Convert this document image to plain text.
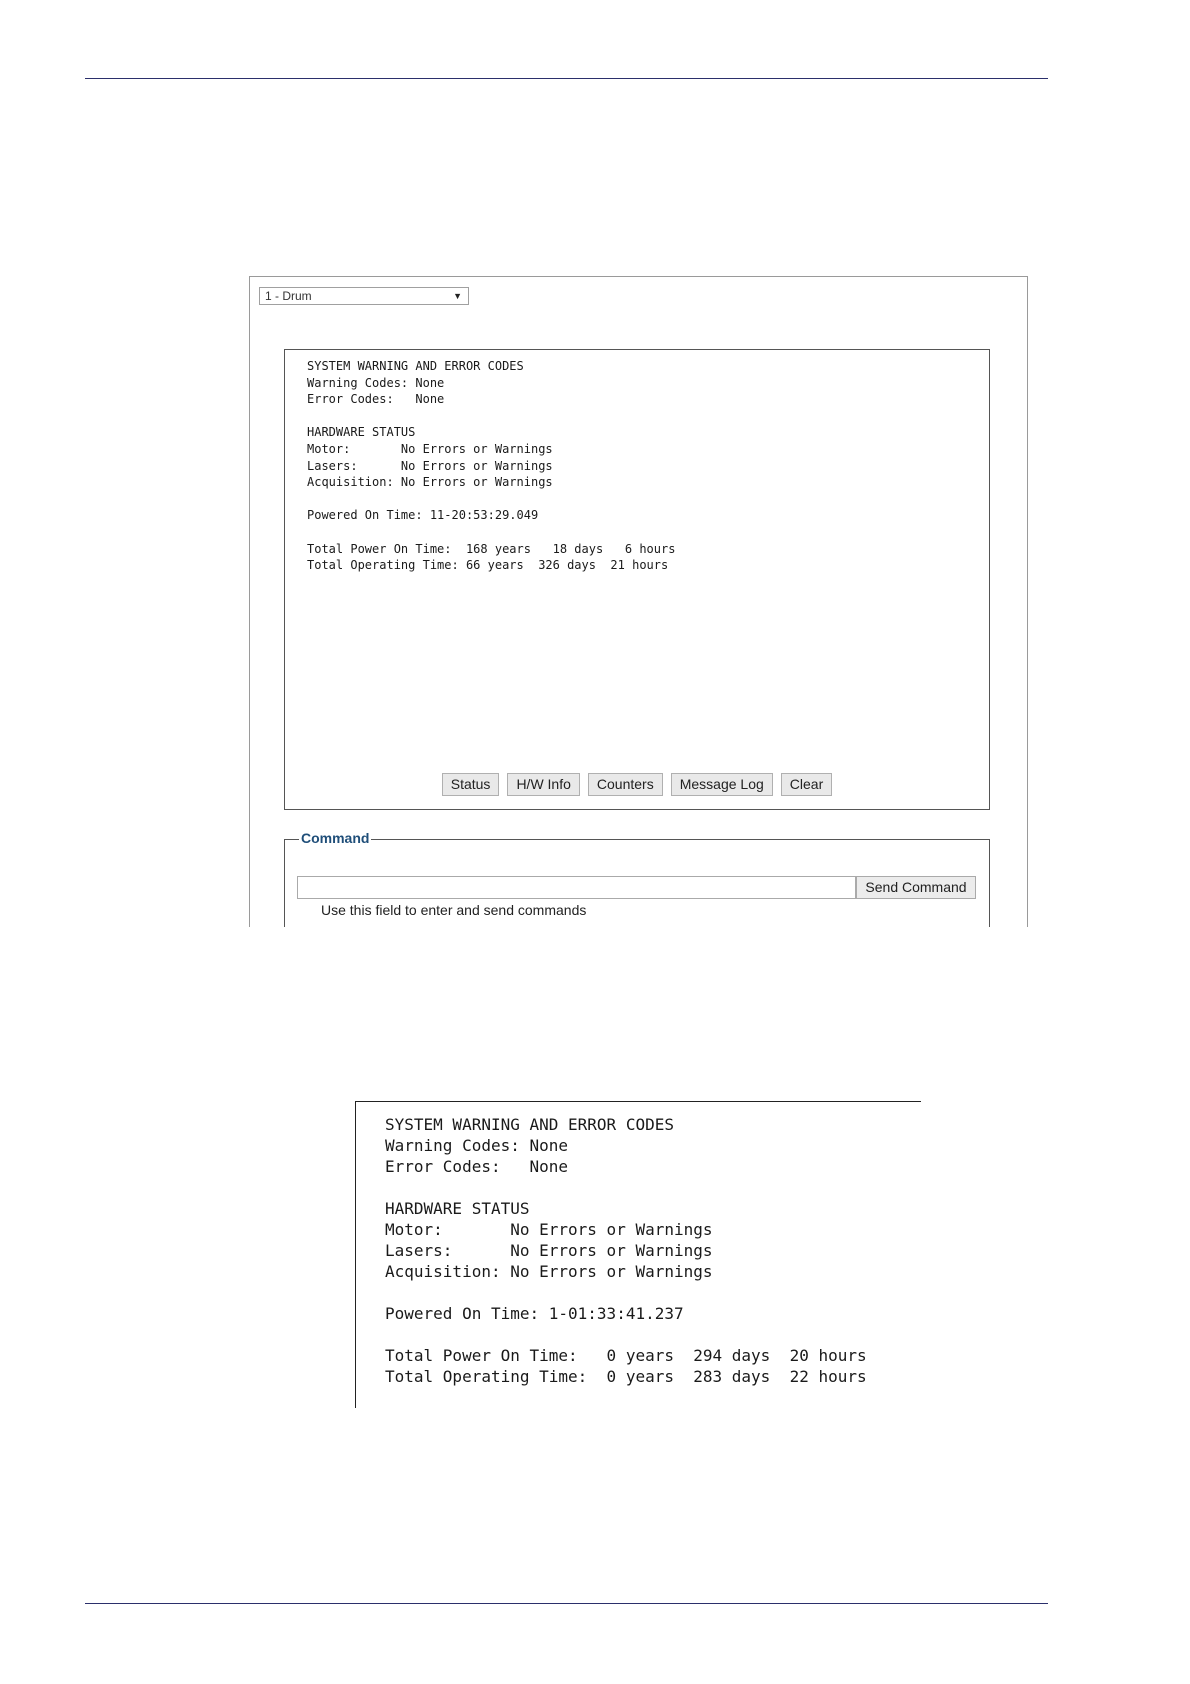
1 - Drum	▼
SYSTEM WARNING AND ERROR CODES
Warning Codes: None
Error Codes:   None

HARDWARE STATUS
Motor:       No Errors or Warnings
Lasers:      No Errors or Warnings
Acquisition: No Errors or Warnings

Powered On Time: 11-20:53:29.049

Total Power On Time:  168 years   18 days   6 hours
Total Operating Time: 66 years  326 days  21 hours
Status H/W Info Counters Message Log Clear
Command
Send Command
Use this field to enter and send commands
SYSTEM WARNING AND ERROR CODES
Warning Codes: None
Error Codes:   None

HARDWARE STATUS
Motor:       No Errors or Warnings
Lasers:      No Errors or Warnings
Acquisition: No Errors or Warnings

Powered On Time: 1-01:33:41.237

Total Power On Time:   0 years  294 days  20 hours
Total Operating Time:  0 years  283 days  22 hours
